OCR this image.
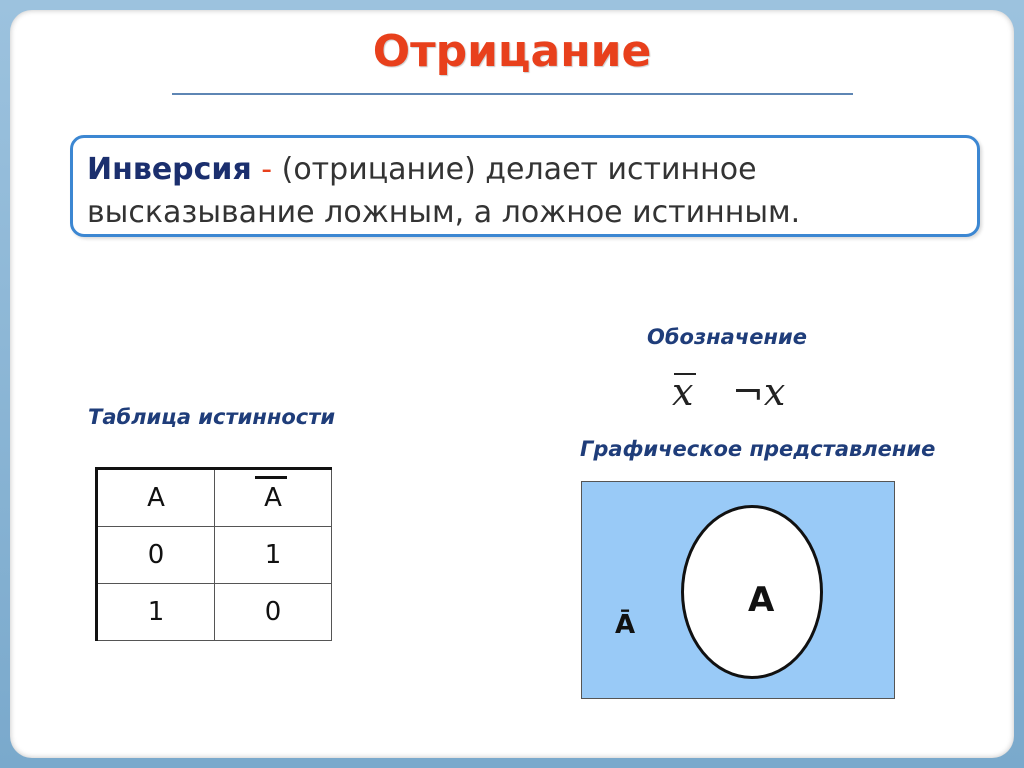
Отрицание
Инверсия - (отрицание) делает истинное высказывание ложным, а ложное истинным.
Таблица истинности
A	A
0	1
1	0
Обозначение
x ¬x
Графическое представление
A
Ā
